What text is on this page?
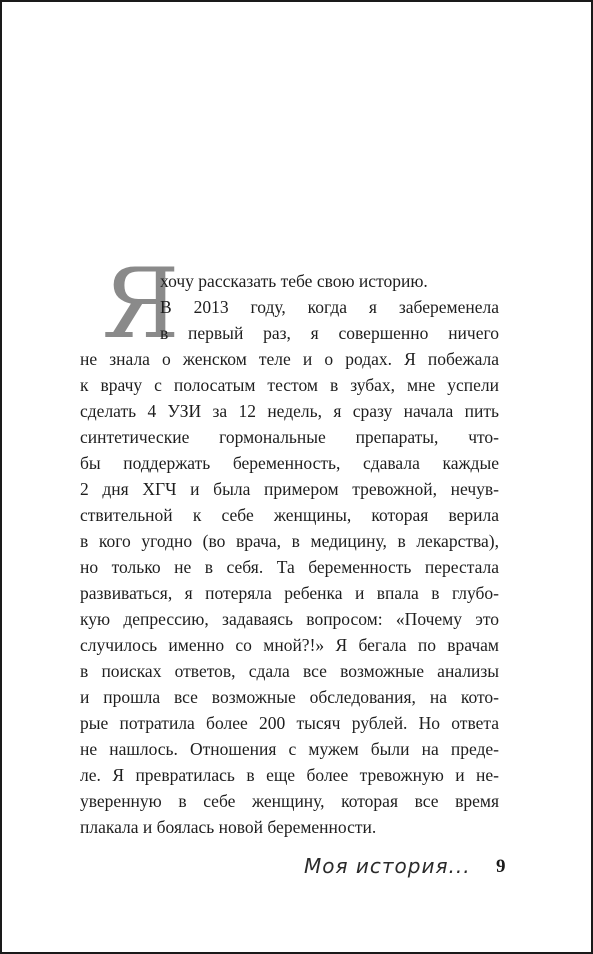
Я

хочу рассказать тебе свою историю.

В 2013 году, когда я забеременела

в первый раз, я совершенно ничего

не знала о женском теле и о родах. Я побежала

к врачу с полосатым тестом в зубах, мне успели

сделать 4 УЗИ за 12 недель, я сразу начала пить

синтетические гормональные препараты, что-

бы поддержать беременность, сдавала каждые

2 дня ХГЧ и была примером тревожной, нечув-

ствительной к себе женщины, которая верила

в кого угодно (во врача, в медицину, в лекарства),

но только не в себя. Та беременность перестала

развиваться, я потеряла ребенка и впала в глубо-

кую депрессию, задаваясь вопросом: «Почему это

случилось именно со мной?!» Я бегала по врачам

в поисках ответов, сдала все возможные анализы

и прошла все возможные обследования, на кото-

рые потратила более 200 тысяч рублей. Но ответа

не нашлось. Отношения с мужем были на преде-

ле. Я превратилась в еще более тревожную и не-

уверенную в себе женщину, которая все время

плакала и боялась новой беременности.

Моя история... 9
